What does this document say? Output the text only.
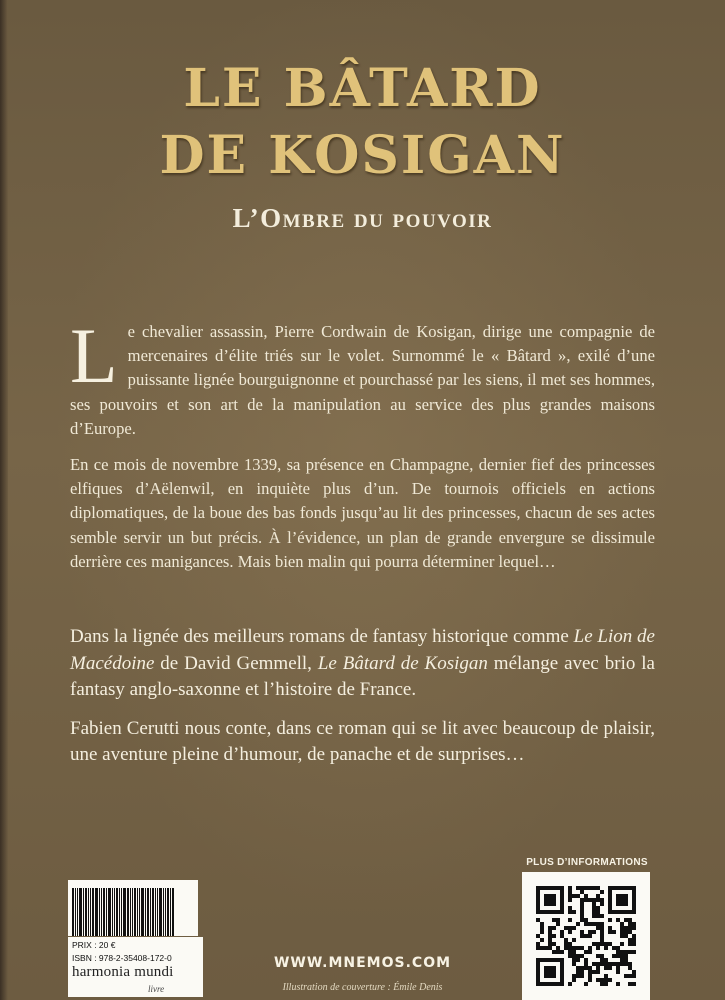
LE BÂTARD
DE KOSIGAN
L’Ombre du pouvoir

Le chevalier assassin, Pierre Cordwain de Kosigan, dirige une compagnie de mercenaires d’élite triés sur le volet. Surnommé le « Bâtard », exilé d’une puissante lignée bourguignonne et pourchassé par les siens, il met ses hommes, ses pouvoirs et son art de la manipulation au service des plus grandes maisons d’Europe.

En ce mois de novembre 1339, sa présence en Champagne, dernier fief des princesses elfiques d’Aëlenwil, en inquiète plus d’un. De tournois officiels en actions diplomatiques, de la boue des bas fonds jusqu’au lit des princesses, chacun de ses actes semble servir un but précis. À l’évidence, un plan de grande envergure se dissimule derrière ces manigances. Mais bien malin qui pourra déterminer lequel…

Dans la lignée des meilleurs romans de fantasy historique comme Le Lion de Macédoine de David Gemmell, Le Bâtard de Kosigan mélange avec brio la fantasy anglo-saxonne et l’histoire de France.

Fabien Cerutti nous conte, dans ce roman qui se lit avec beaucoup de plaisir, une aventure pleine d’humour, de panache et de surprises…

PRIX : 20 €
ISBN : 978-2-35408-172-0
harmonia mundi
livre

WWW.MNEMOS.COM

Illustration de couverture : Émile Denis

PLUS D’INFORMATIONS
